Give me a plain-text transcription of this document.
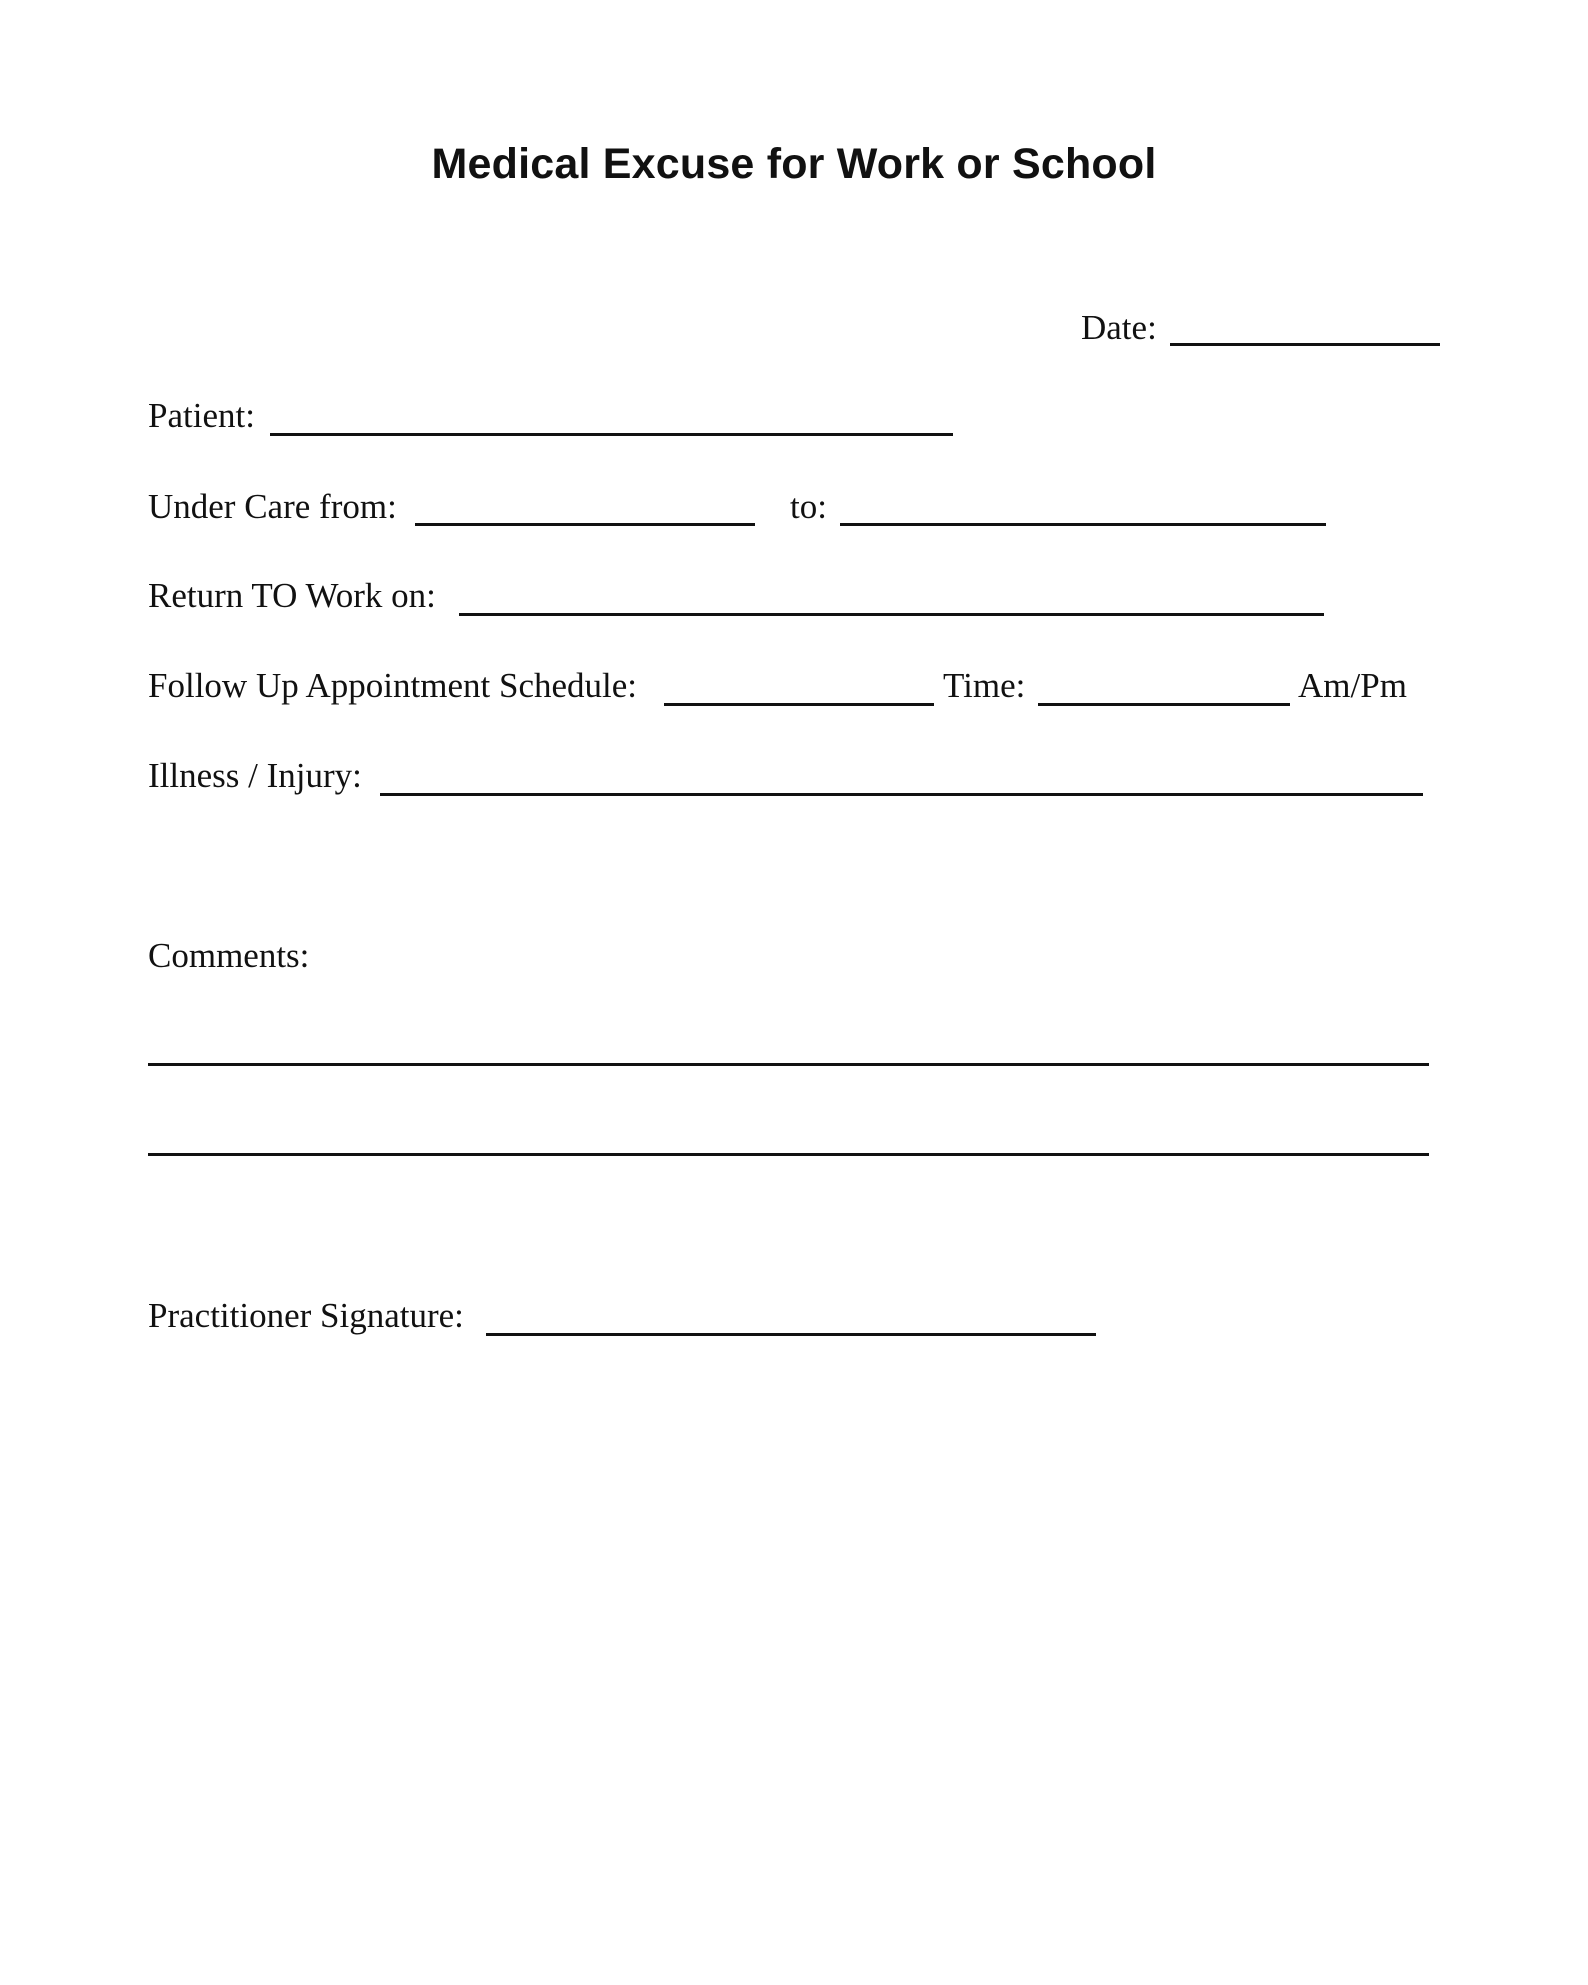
Medical Excuse for Work or School
Date:
Patient:
Under Care from:	to:
Return TO Work on:
Follow Up Appointment Schedule:	Time:	Am/Pm
Illness / Injury:
Comments:
Practitioner Signature:
